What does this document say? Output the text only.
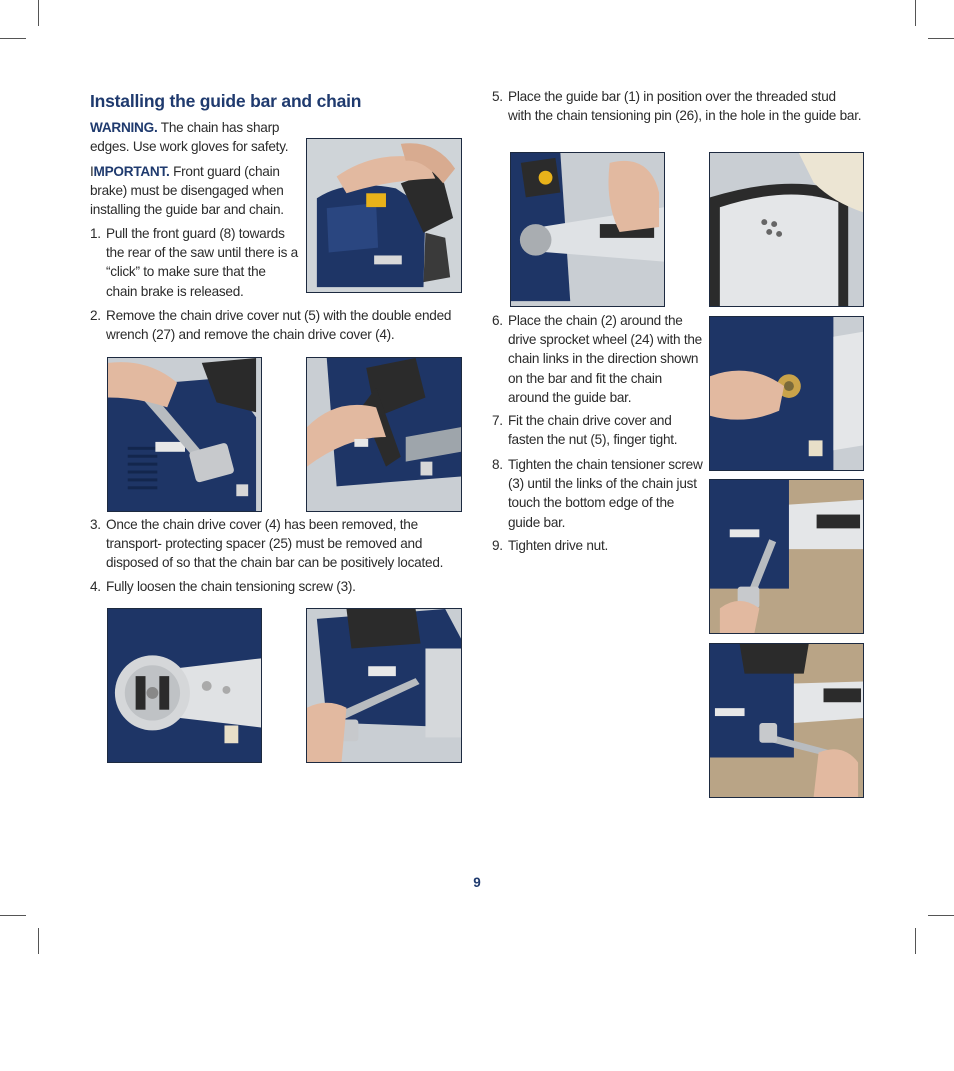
Installing the guide bar and chain

WARNING. The chain has sharp edges. Use work gloves for safety.

IMPORTANT. Front guard (chain brake) must be disengaged when installing the guide bar and chain.

1. Pull the front guard (8) towards the rear of the saw until there is a “click” to make sure that the chain brake is released.
2. Remove the chain drive cover nut (5) with the double ended wrench (27) and remove the chain drive cover (4).
3. Once the chain drive cover (4) has been removed, the transport- protecting spacer (25) must be removed and disposed of so that the chain bar can be positively located.
4. Fully loosen the chain tensioning screw (3).
5. Place the guide bar (1) in position over the threaded stud with the chain tensioning pin (26), in the hole in the guide bar.
6. Place the chain (2) around the drive sprocket wheel (24) with the chain links in the direction shown on the bar and fit the chain around the guide bar.
7. Fit the chain drive cover and fasten the nut (5), finger tight.
8. Tighten the chain tensioner screw (3) until the links of the chain just touch the bottom edge of the guide bar.
9. Tighten drive nut.
9
